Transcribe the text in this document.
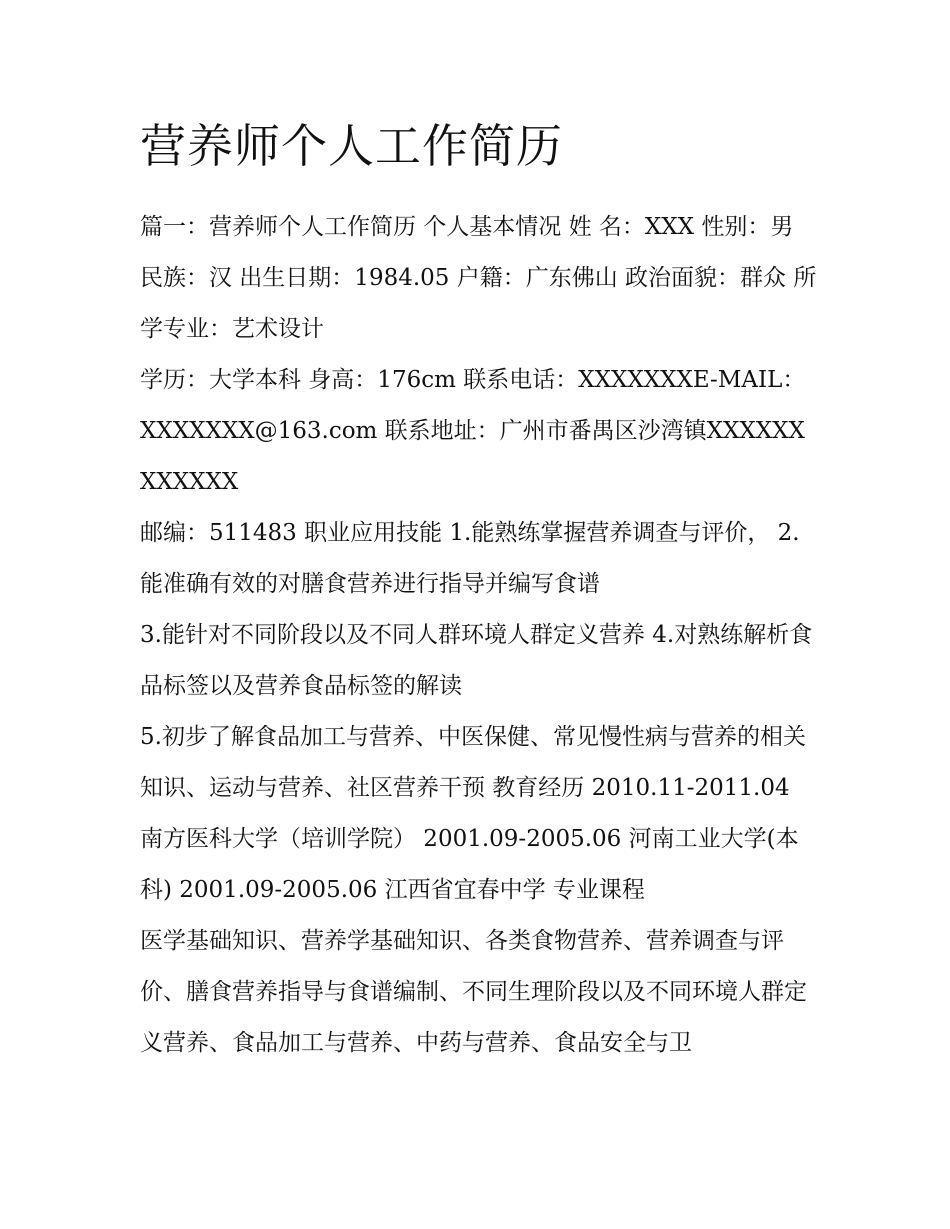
营养师个人工作简历

篇一：营养师个人工作简历 个人基本情况 姓 名：XXX 性别：男 民族：汉 出生日期：1984.05 户籍：广东佛山 政治面貌：群众 所学专业：艺术设计

学历：大学本科 身高：176cm 联系电话：XXXXXXXE-MAIL：XXXXXXX@163.com 联系地址：广州市番禺区沙湾镇XXXXXXXXXXXX

邮编：511483 职业应用技能 1.能熟练掌握营养调查与评价， 2.能准确有效的对膳食营养进行指导并编写食谱

3.能针对不同阶段以及不同人群环境人群定义营养 4.对熟练解析食品标签以及营养食品标签的解读

5.初步了解食品加工与营养、中医保健、常见慢性病与营养的相关知识、运动与营养、社区营养干预 教育经历 2010.11-2011.04

南方医科大学（培训学院） 2001.09-2005.06 河南工业大学(本科) 2001.09-2005.06 江西省宜春中学 专业课程

医学基础知识、营养学基础知识、各类食物营养、营养调查与评价、膳食营养指导与食谱编制、不同生理阶段以及不同环境人群定义营养、食品加工与营养、中药与营养、食品安全与卫
